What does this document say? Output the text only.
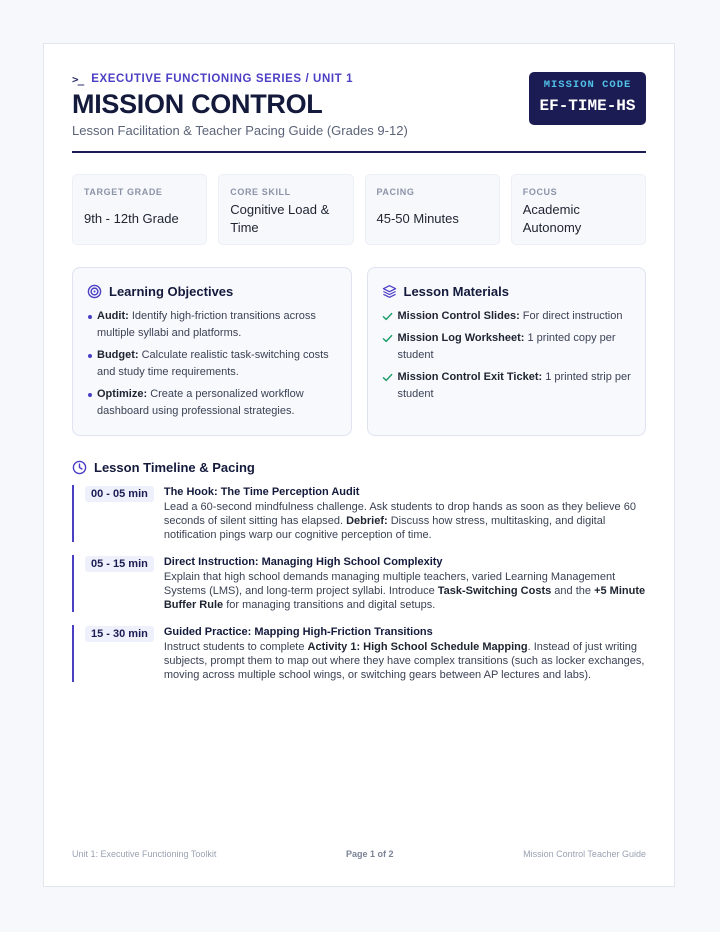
>_ EXECUTIVE FUNCTIONING SERIES / UNIT 1
MISSION CONTROL
Lesson Facilitation & Teacher Pacing Guide (Grades 9-12)
MISSION CODE
EF-TIME-HS
TARGET GRADE
9th - 12th Grade
CORE SKILL
Cognitive Load & Time
PACING
45-50 Minutes
FOCUS
Academic Autonomy
Learning Objectives
Audit: Identify high-friction transitions across multiple syllabi and platforms.
Budget: Calculate realistic task-switching costs and study time requirements.
Optimize: Create a personalized workflow dashboard using professional strategies.
Lesson Materials
Mission Control Slides: For direct instruction
Mission Log Worksheet: 1 printed copy per student
Mission Control Exit Ticket: 1 printed strip per student
Lesson Timeline & Pacing
00 - 05 min	The Hook: The Time Perception Audit
Lead a 60-second mindfulness challenge. Ask students to drop hands as soon as they believe 60 seconds of silent sitting has elapsed. Debrief: Discuss how stress, multitasking, and digital notification pings warp our cognitive perception of time.
05 - 15 min	Direct Instruction: Managing High School Complexity
Explain that high school demands managing multiple teachers, varied Learning Management Systems (LMS), and long-term project syllabi. Introduce Task-Switching Costs and the +5 Minute Buffer Rule for managing transitions and digital setups.
15 - 30 min	Guided Practice: Mapping High-Friction Transitions
Instruct students to complete Activity 1: High School Schedule Mapping. Instead of just writing subjects, prompt them to map out where they have complex transitions (such as locker exchanges, moving across multiple school wings, or switching gears between AP lectures and labs).
Unit 1: Executive Functioning Toolkit	Page 1 of 2	Mission Control Teacher Guide
